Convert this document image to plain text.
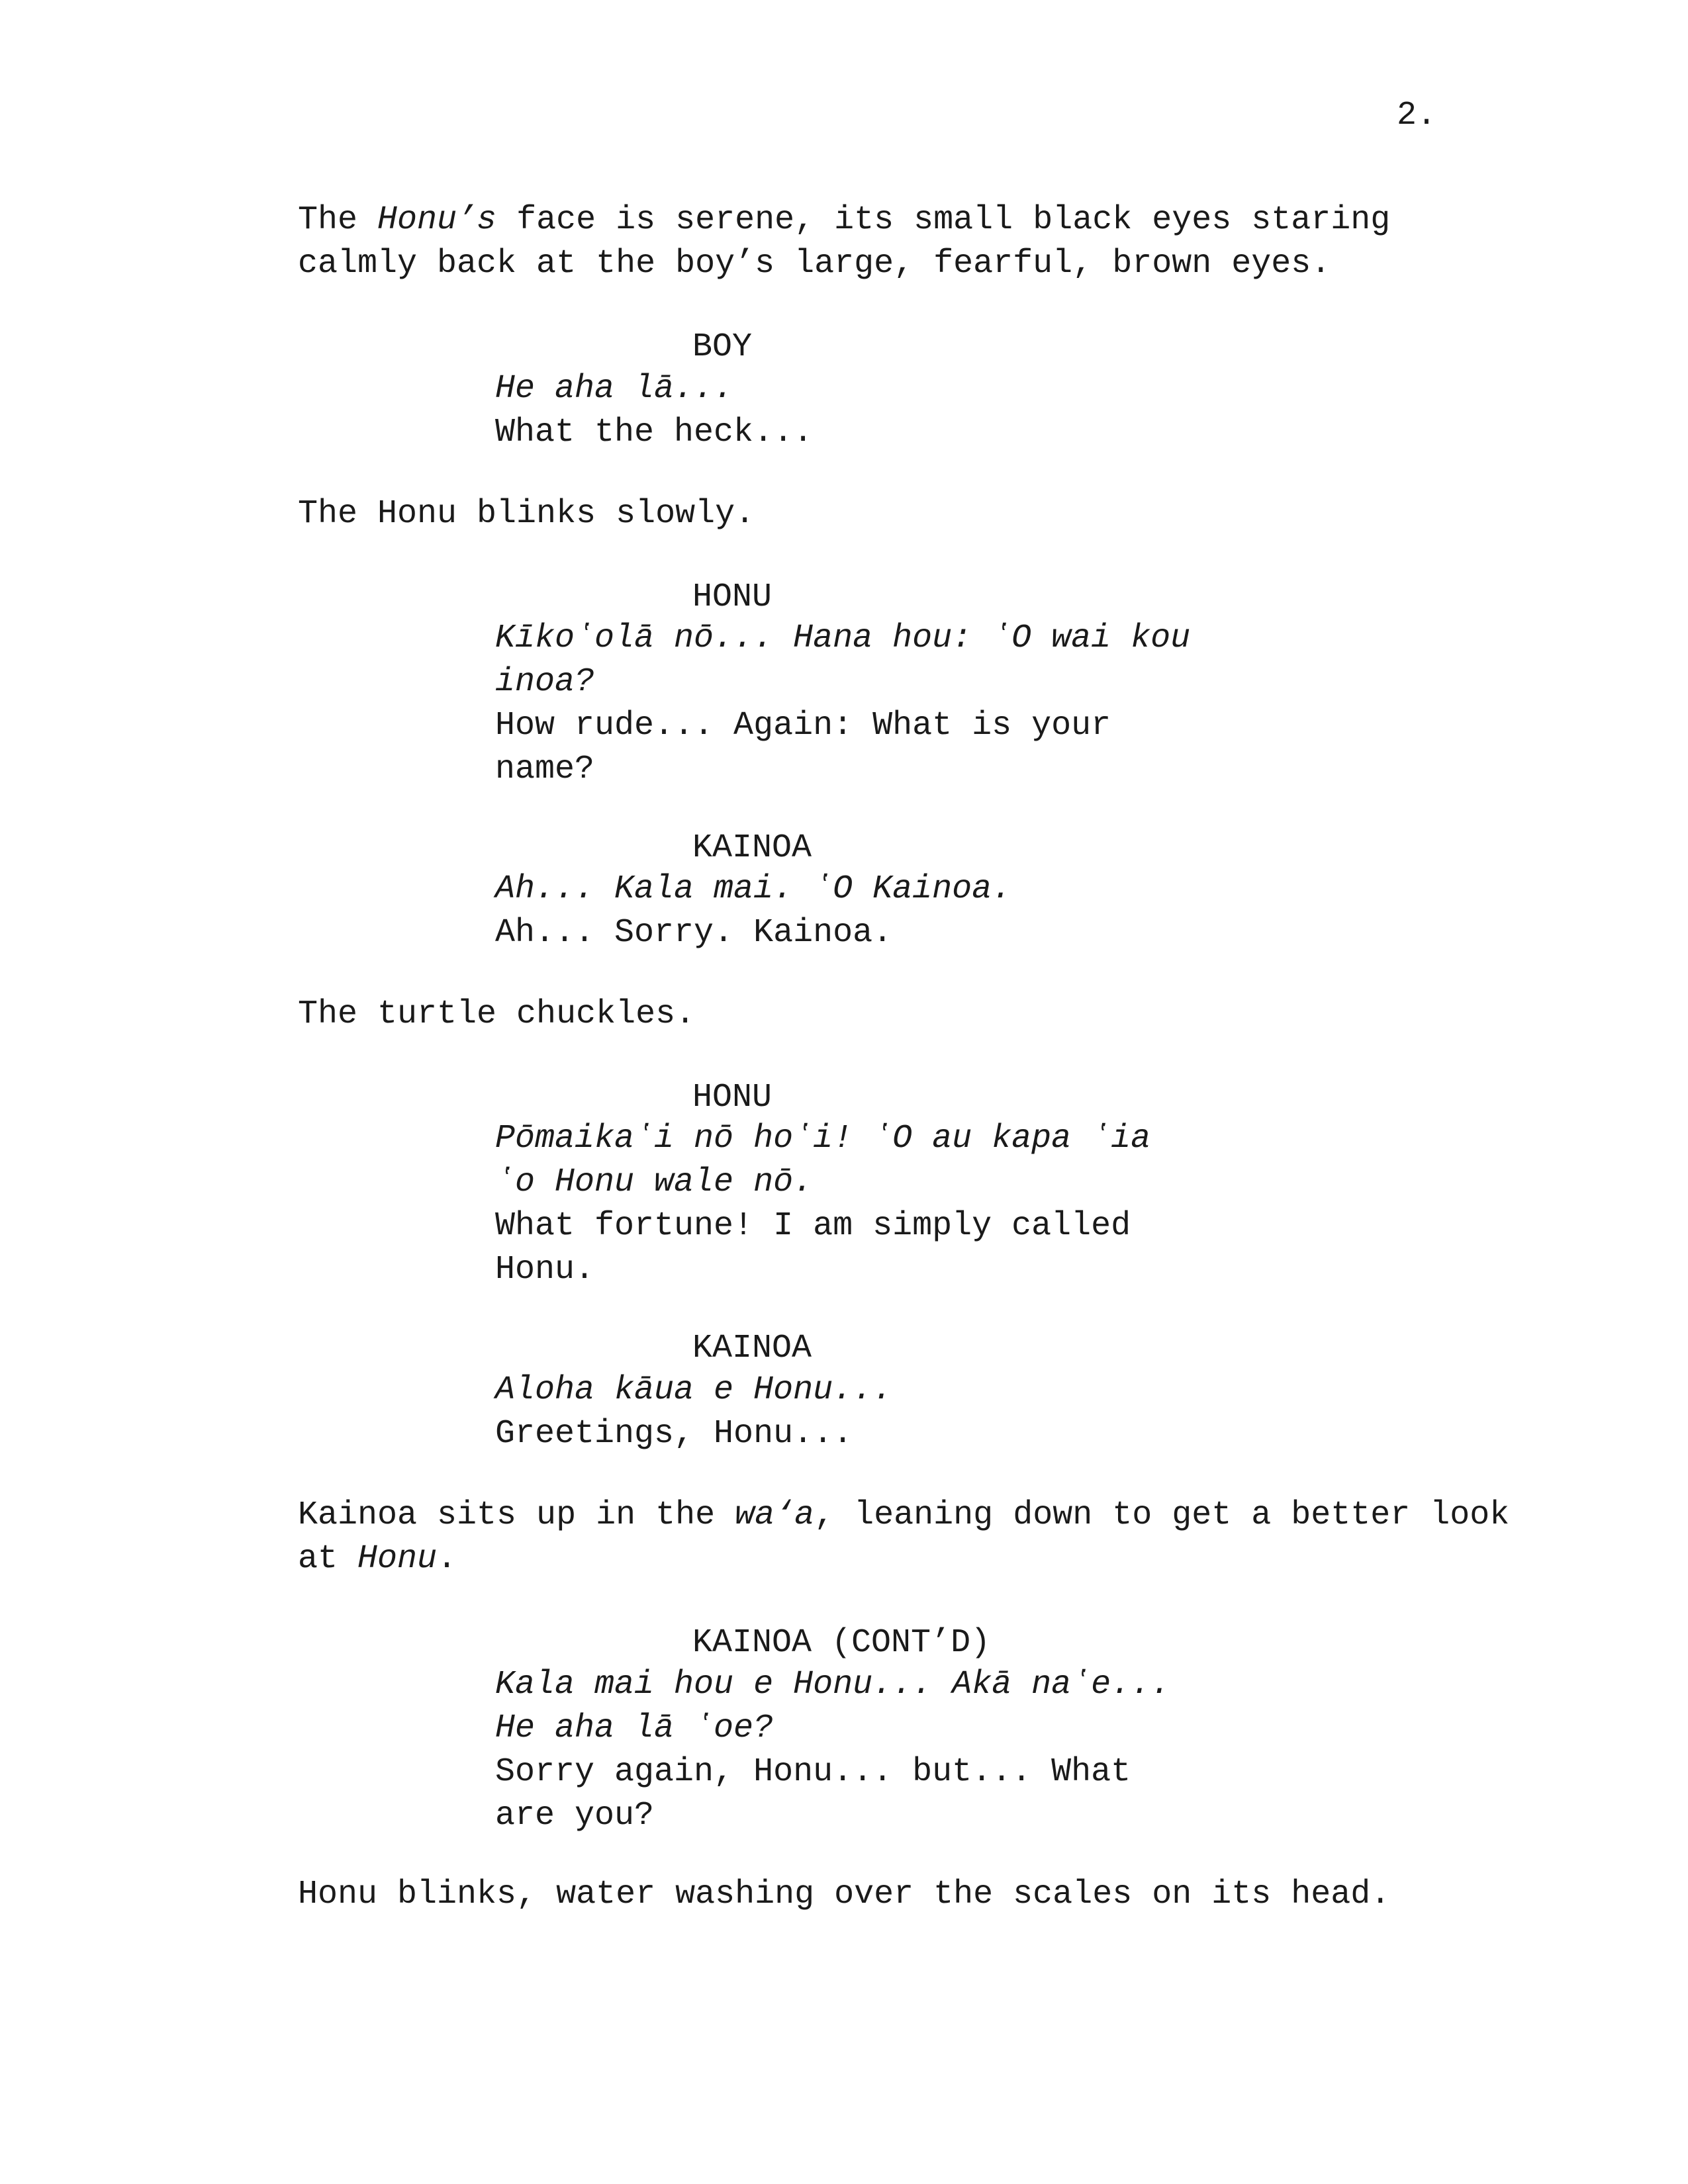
2.
The Honu’s face is serene, its small black eyes staring
calmly back at the boy’s large, fearful, brown eyes.
BOY
He aha lā...
What the heck...
The Honu blinks slowly.
HONU
Kīkoʽolā nō... Hana hou: ʽO wai kou
inoa?
How rude... Again: What is your
name?
KAINOA
Ah... Kala mai. ʽO Kainoa.
Ah... Sorry. Kainoa.
The turtle chuckles.
HONU
Pōmaikaʽi nō hoʽi! ʽO au kapa ʽia
ʽo Honu wale nō.
What fortune! I am simply called
Honu.
KAINOA
Aloha kāua e Honu...
Greetings, Honu...
Kainoa sits up in the wa‘a, leaning down to get a better look
at Honu.
KAINOA (CONT’D)
Kala mai hou e Honu... Akā naʽe...
He aha lā ʽoe?
Sorry again, Honu... but... What
are you?
Honu blinks, water washing over the scales on its head.
